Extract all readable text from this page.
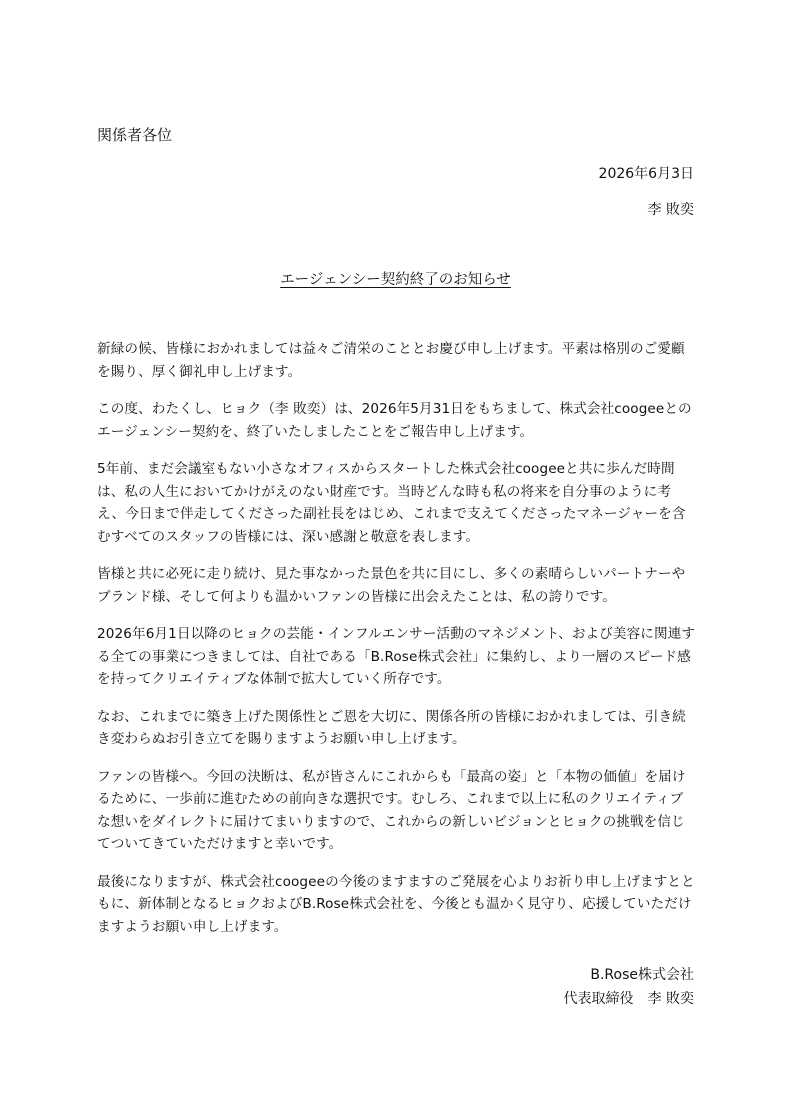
関係者各位
2026年6月3日
李 敗奕
エージェンシー契約終了のお知らせ

新緑の候、皆様におかれましては益々ご清栄のこととお慶び申し上げます。平素は格別のご愛顧を賜り、厚く御礼申し上げます。

この度、わたくし、ヒョク（李 敗奕）は、2026年5月31日をもちまして、株式会社coogeeとのエージェンシー契約を、終了いたしましたことをご報告申し上げます。

5年前、まだ会議室もない小さなオフィスからスタートした株式会社coogeeと共に歩んだ時間は、私の人生においてかけがえのない財産です。当時どんな時も私の将来を自分事のように考え、今日まで伴走してくださった副社長をはじめ、これまで支えてくださったマネージャーを含むすべてのスタッフの皆様には、深い感謝と敬意を表します。

皆様と共に必死に走り続け、見た事なかった景色を共に目にし、多くの素晴らしいパートナーやブランド様、そして何よりも温かいファンの皆様に出会えたことは、私の誇りです。

2026年6月1日以降のヒョクの芸能・インフルエンサー活動のマネジメント、および美容に関連する全ての事業につきましては、自社である「B.Rose株式会社」に集約し、より一層のスピード感を持ってクリエイティブな体制で拡大していく所存です。

なお、これまでに築き上げた関係性とご恩を大切に、関係各所の皆様におかれましては、引き続き変わらぬお引き立てを賜りますようお願い申し上げます。

ファンの皆様へ。今回の決断は、私が皆さんにこれからも「最高の姿」と「本物の価値」を届けるために、一歩前に進むための前向きな選択です。むしろ、これまで以上に私のクリエイティブな想いをダイレクトに届けてまいりますので、これからの新しいビジョンとヒョクの挑戦を信じてついてきていただけますと幸いです。

最後になりますが、株式会社coogeeの今後のますますのご発展を心よりお祈り申し上げますとともに、新体制となるヒョクおよびB.Rose株式会社を、今後とも温かく見守り、応援していただけますようお願い申し上げます。

B.Rose株式会社
代表取締役　李 敗奕
